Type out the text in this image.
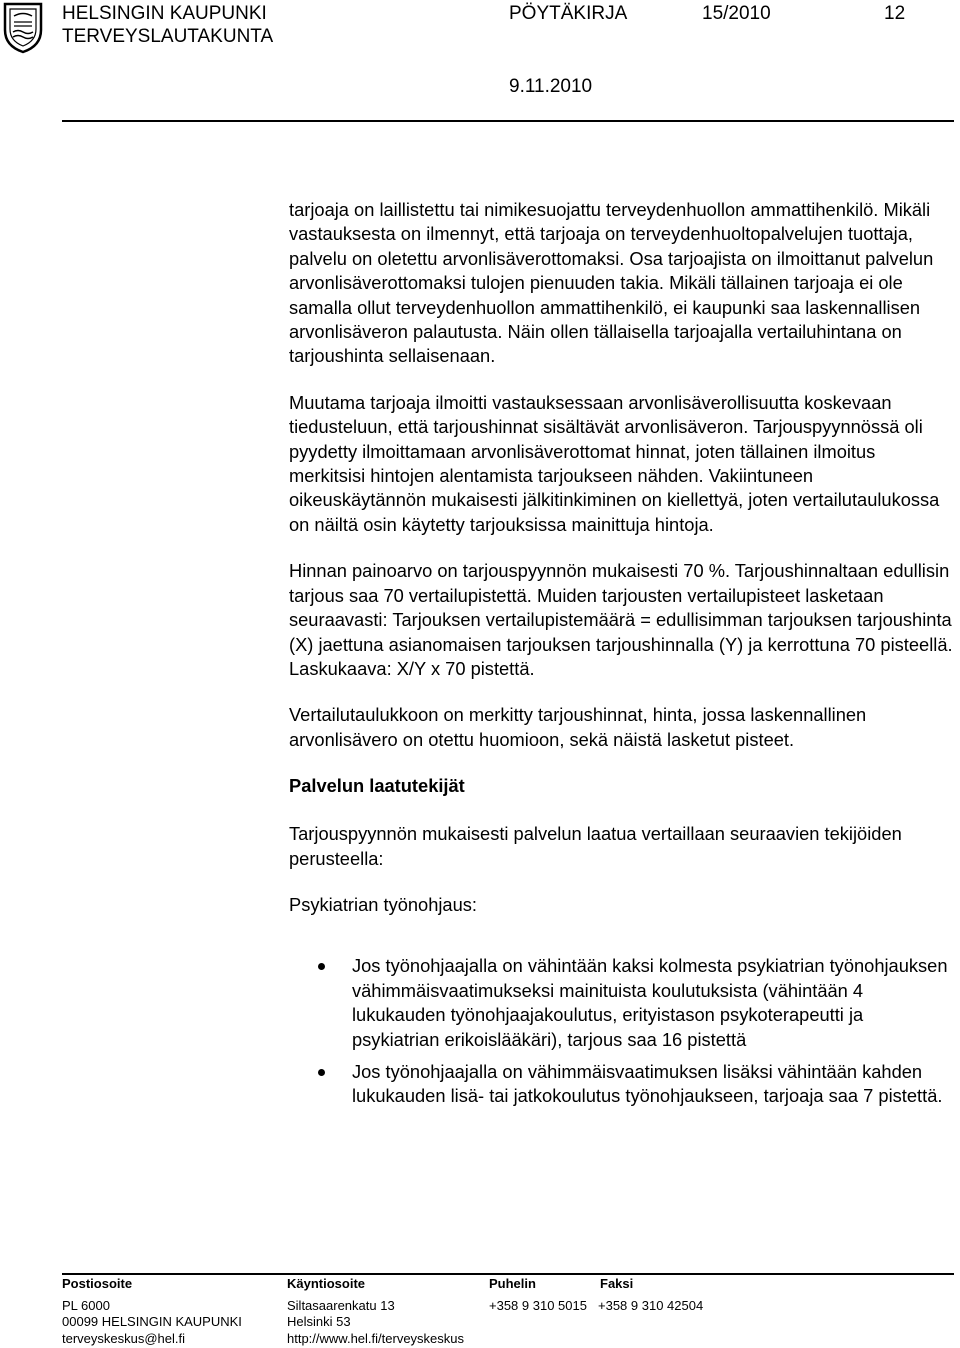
HELSINGIN KAUPUNKI
TERVEYSLAUTAKUNTA
PÖYTÄKIRJA	15/2010	12
9.11.2010

tarjoaja on laillistettu tai nimikesuojattu terveydenhuollon ammattihenkilö. Mikäli vastauksesta on ilmennyt, että tarjoaja on terveydenhuoltopalvelujen tuottaja, palvelu on oletettu arvonlisäverottomaksi. Osa tarjoajista on ilmoittanut palvelun arvonlisäverottomaksi tulojen pienuuden takia. Mikäli tällainen tarjoaja ei ole samalla ollut terveydenhuollon ammattihenkilö, ei kaupunki saa laskennallisen arvonlisäveron palautusta. Näin ollen tällaisella tarjoajalla vertailuhintana on tarjoushinta sellaisenaan.

Muutama tarjoaja ilmoitti vastauksessaan arvonlisäverollisuutta koskevaan tiedusteluun, että tarjoushinnat sisältävät arvonlisäveron. Tarjouspyynnössä oli pyydetty ilmoittamaan arvonlisäverottomat hinnat, joten tällainen ilmoitus merkitsisi hintojen alentamista tarjoukseen nähden. Vakiintuneen oikeuskäytännön mukaisesti jälkitinkiminen on kiellettyä, joten vertailutaulukossa on näiltä osin käytetty tarjouksissa mainittuja hintoja.

Hinnan painoarvo on tarjouspyynnön mukaisesti 70 %. Tarjoushinnaltaan edullisin tarjous saa 70 vertailupistettä. Muiden tarjousten vertailupisteet lasketaan seuraavasti: Tarjouksen vertailupistemäärä = edullisimman tarjouksen tarjoushinta (X) jaettuna asianomaisen tarjouksen tarjoushinnalla (Y) ja kerrottuna 70 pisteellä. Laskukaava: X/Y x 70 pistettä.

Vertailutaulukkoon on merkitty tarjoushinnat, hinta, jossa laskennallinen arvonlisävero on otettu huomioon, sekä näistä lasketut pisteet.

Palvelun laatutekijät

Tarjouspyynnön mukaisesti palvelun laatua vertaillaan seuraavien tekijöiden perusteella:

Psykiatrian työnohjaus:

Jos työnohjaajalla on vähintään kaksi kolmesta psykiatrian työnohjauksen vähimmäisvaatimukseksi mainituista koulutuksista (vähintään 4 lukukauden työnohjaajakoulutus, erityistason psykoterapeutti ja psykiatrian erikoislääkäri), tarjous saa 16 pistettä
Jos työnohjaajalla on vähimmäisvaatimuksen lisäksi vähintään kahden lukukauden lisä- tai jatkokoulutus työnohjaukseen, tarjoaja saa 7 pistettä.
Postiosoite
PL 6000
00099 HELSINGIN KAUPUNKI
terveyskeskus@hel.fi
Käyntiosoite
Siltasaarenkatu 13
Helsinki 53
http://www.hel.fi/terveyskeskus
Puhelin
+358 9 310 5015
Faksi
+358 9 310 42504
